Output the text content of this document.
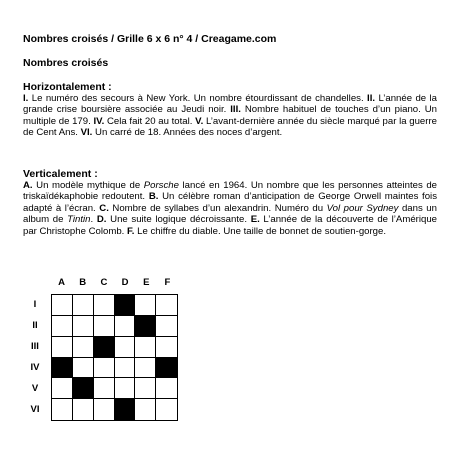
Nombres croisés / Grille 6 x 6 n° 4 / Creagame.com
Nombres croisés
Horizontalement :

I. Le numéro des secours à New York. Un nombre étourdissant de chandelles. II. L’année de la grande crise boursière associée au Jeudi noir. III. Nombre habituel de touches d’un piano. Un multiple de 179. IV. Cela fait 20 au total. V. L’avant-dernière année du siècle marqué par la guerre de Cent Ans. VI. Un carré de 18. Années des noces d’argent.

Verticalement :

A. Un modèle mythique de Porsche lancé en 1964. Un nombre que les personnes atteintes de triskaïdékaphobie redoutent. B. Un célèbre roman d’anticipation de George Orwell maintes fois adapté à l’écran. C. Nombre de syllabes d’un alexandrin. Numéro du Vol pour Sydney dans un album de Tintin. D. Une suite logique décroissante. E. L’année de la découverte de l’Amérique par Christophe Colomb. F. Le chiffre du diable. Une taille de bonnet de soutien-gorge.

A	B	C	D	E	F
I
II
III
IV
V
VI
